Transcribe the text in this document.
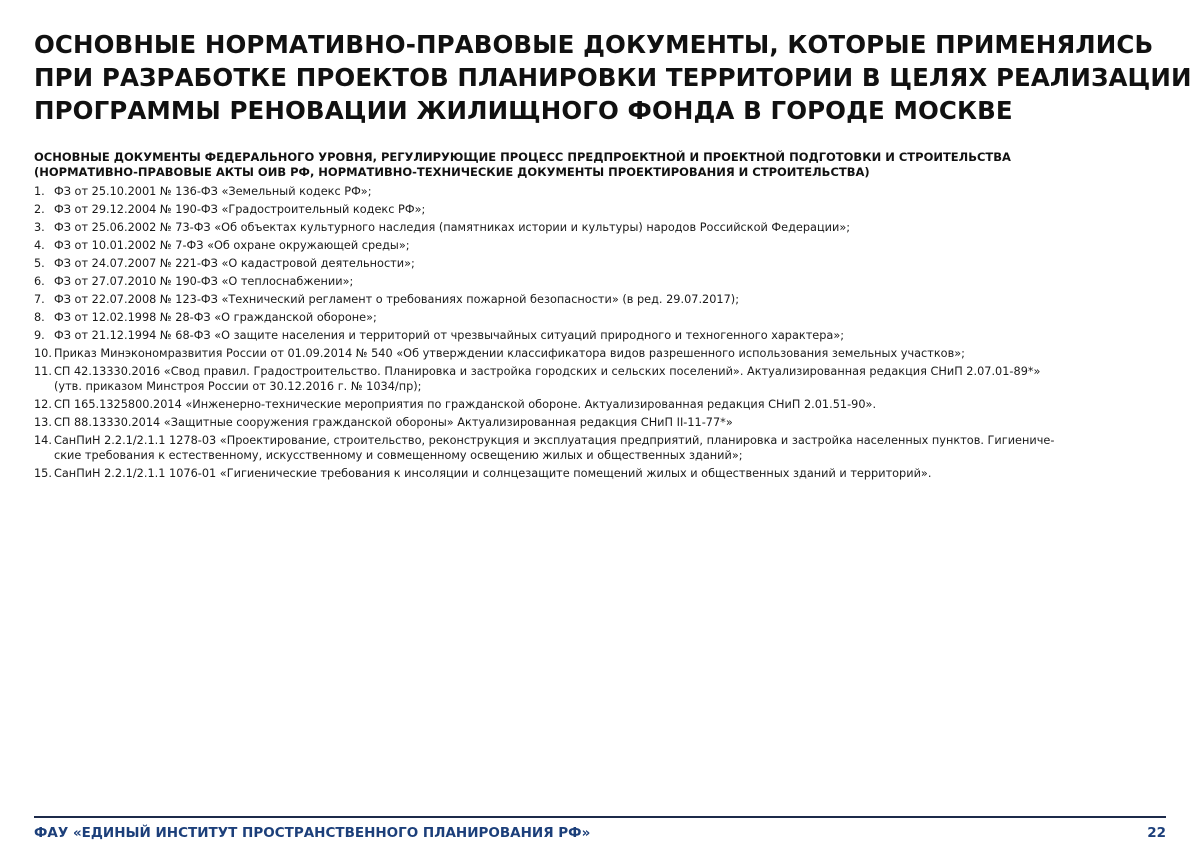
ОСНОВНЫЕ НОРМАТИВНО-ПРАВОВЫЕ ДОКУМЕНТЫ, КОТОРЫЕ ПРИМЕНЯЛИСЬ
ПРИ РАЗРАБОТКЕ ПРОЕКТОВ ПЛАНИРОВКИ ТЕРРИТОРИИ В ЦЕЛЯХ РЕАЛИЗАЦИИ
ПРОГРАММЫ РЕНОВАЦИИ ЖИЛИЩНОГО ФОНДА В ГОРОДЕ МОСКВЕ
ОСНОВНЫЕ ДОКУМЕНТЫ ФЕДЕРАЛЬНОГО УРОВНЯ, РЕГУЛИРУЮЩИЕ ПРОЦЕСС ПРЕДПРОЕКТНОЙ И ПРОЕКТНОЙ ПОДГОТОВКИ И СТРОИТЕЛЬСТВА
(НОРМАТИВНО-ПРАВОВЫЕ АКТЫ ОИВ РФ, НОРМАТИВНО-ТЕХНИЧЕСКИЕ ДОКУМЕНТЫ ПРОЕКТИРОВАНИЯ И СТРОИТЕЛЬСТВА)
1. ФЗ от 25.10.2001 № 136-ФЗ «Земельный кодекс РФ»;
2. ФЗ от 29.12.2004 № 190-ФЗ «Градостроительный кодекс РФ»;
3. ФЗ от 25.06.2002 № 73-ФЗ «Об объектах культурного наследия (памятниках истории и культуры) народов Российской Федерации»;
4. ФЗ от 10.01.2002 № 7-ФЗ «Об охране окружающей среды»;
5. ФЗ от 24.07.2007 № 221-ФЗ «О кадастровой деятельности»;
6. ФЗ от 27.07.2010 № 190-ФЗ «О теплоснабжении»;
7. ФЗ от 22.07.2008 № 123-ФЗ «Технический регламент о требованиях пожарной безопасности» (в ред. 29.07.2017);
8. ФЗ от 12.02.1998 № 28-ФЗ «О гражданской обороне»;
9. ФЗ от 21.12.1994 № 68-ФЗ «О защите населения и территорий от чрезвычайных ситуаций природного и техногенного характера»;
10. Приказ Минэкономразвития России от 01.09.2014 № 540 «Об утверждении классификатора видов разрешенного использования земельных участков»;
11. СП 42.13330.2016 «Свод правил. Градостроительство. Планировка и застройка городских и сельских поселений». Актуализированная редакция СНиП 2.07.01-89*»
(утв. приказом Минстроя России от 30.12.2016 г. № 1034/пр);
12. СП 165.1325800.2014 «Инженерно-технические мероприятия по гражданской обороне. Актуализированная редакция СНиП 2.01.51-90».
13. СП 88.13330.2014 «Защитные сооружения гражданской обороны» Актуализированная редакция СНиП II-11-77*»
14. СанПиН 2.2.1/2.1.1 1278-03 «Проектирование, строительство, реконструкция и эксплуатация предприятий, планировка и застройка населенных пунктов. Гигиениче-
ские требования к естественному, искусственному и совмещенному освещению жилых и общественных зданий»;
15. СанПиН 2.2.1/2.1.1 1076-01 «Гигиенические требования к инсоляции и солнцезащите помещений жилых и общественных зданий и территорий».
ФАУ «ЕДИНЫЙ ИНСТИТУТ ПРОСТРАНСТВЕННОГО ПЛАНИРОВАНИЯ РФ»	22
